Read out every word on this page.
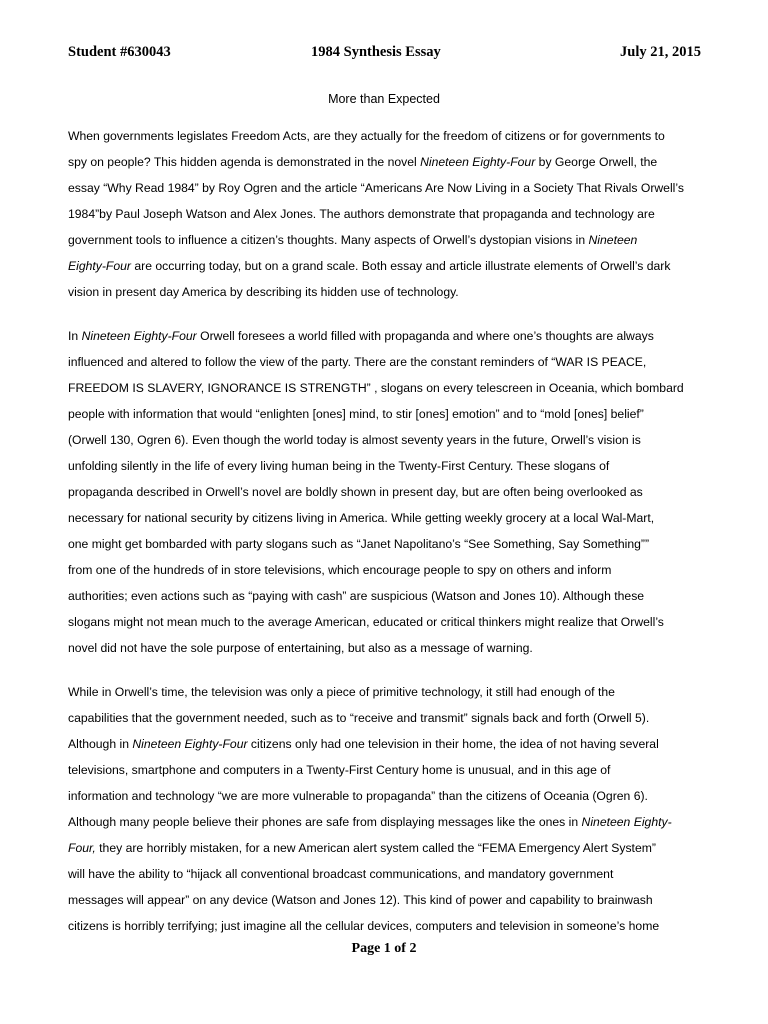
Student #630043	1984 Synthesis Essay	July 21, 2015
More than Expected
When governments legislates Freedom Acts, are they actually for the freedom of citizens or for governments to
spy on people? This hidden agenda is demonstrated in the novel Nineteen Eighty-Four by George Orwell, the
essay “Why Read 1984” by Roy Ogren and the article “Americans Are Now Living in a Society That Rivals Orwell’s
1984”by Paul Joseph Watson and Alex Jones. The authors demonstrate that propaganda and technology are
government tools to influence a citizen’s thoughts. Many aspects of Orwell’s dystopian visions in Nineteen
Eighty-Four are occurring today, but on a grand scale. Both essay and article illustrate elements of Orwell’s dark
vision in present day America by describing its hidden use of technology.
In Nineteen Eighty-Four Orwell foresees a world filled with propaganda and where one’s thoughts are always
influenced and altered to follow the view of the party. There are the constant reminders of “WAR IS PEACE,
FREEDOM IS SLAVERY, IGNORANCE IS STRENGTH” , slogans on every telescreen in Oceania, which bombard
people with information that would “enlighten [ones] mind, to stir [ones] emotion” and to “mold [ones] belief”
(Orwell 130, Ogren 6). Even though the world today is almost seventy years in the future, Orwell’s vision is
unfolding silently in the life of every living human being in the Twenty-First Century. These slogans of
propaganda described in Orwell’s novel are boldly shown in present day, but are often being overlooked as
necessary for national security by citizens living in America. While getting weekly grocery at a local Wal-Mart,
one might get bombarded with party slogans such as “Janet Napolitano’s “See Something, Say Something””
from one of the hundreds of in store televisions, which encourage people to spy on others and inform
authorities; even actions such as “paying with cash” are suspicious (Watson and Jones 10). Although these
slogans might not mean much to the average American, educated or critical thinkers might realize that Orwell’s
novel did not have the sole purpose of entertaining, but also as a message of warning.
While in Orwell’s time, the television was only a piece of primitive technology, it still had enough of the
capabilities that the government needed, such as to “receive and transmit” signals back and forth (Orwell 5).
Although in Nineteen Eighty-Four citizens only had one television in their home, the idea of not having several
televisions, smartphone and computers in a Twenty-First Century home is unusual, and in this age of
information and technology “we are more vulnerable to propaganda” than the citizens of Oceania (Ogren 6).
Although many people believe their phones are safe from displaying messages like the ones in Nineteen Eighty-
Four, they are horribly mistaken, for a new American alert system called the “FEMA Emergency Alert System”
will have the ability to “hijack all conventional broadcast communications, and mandatory government
messages will appear” on any device (Watson and Jones 12). This kind of power and capability to brainwash
citizens is horribly terrifying; just imagine all the cellular devices, computers and television in someone’s home
Page 1 of 2
